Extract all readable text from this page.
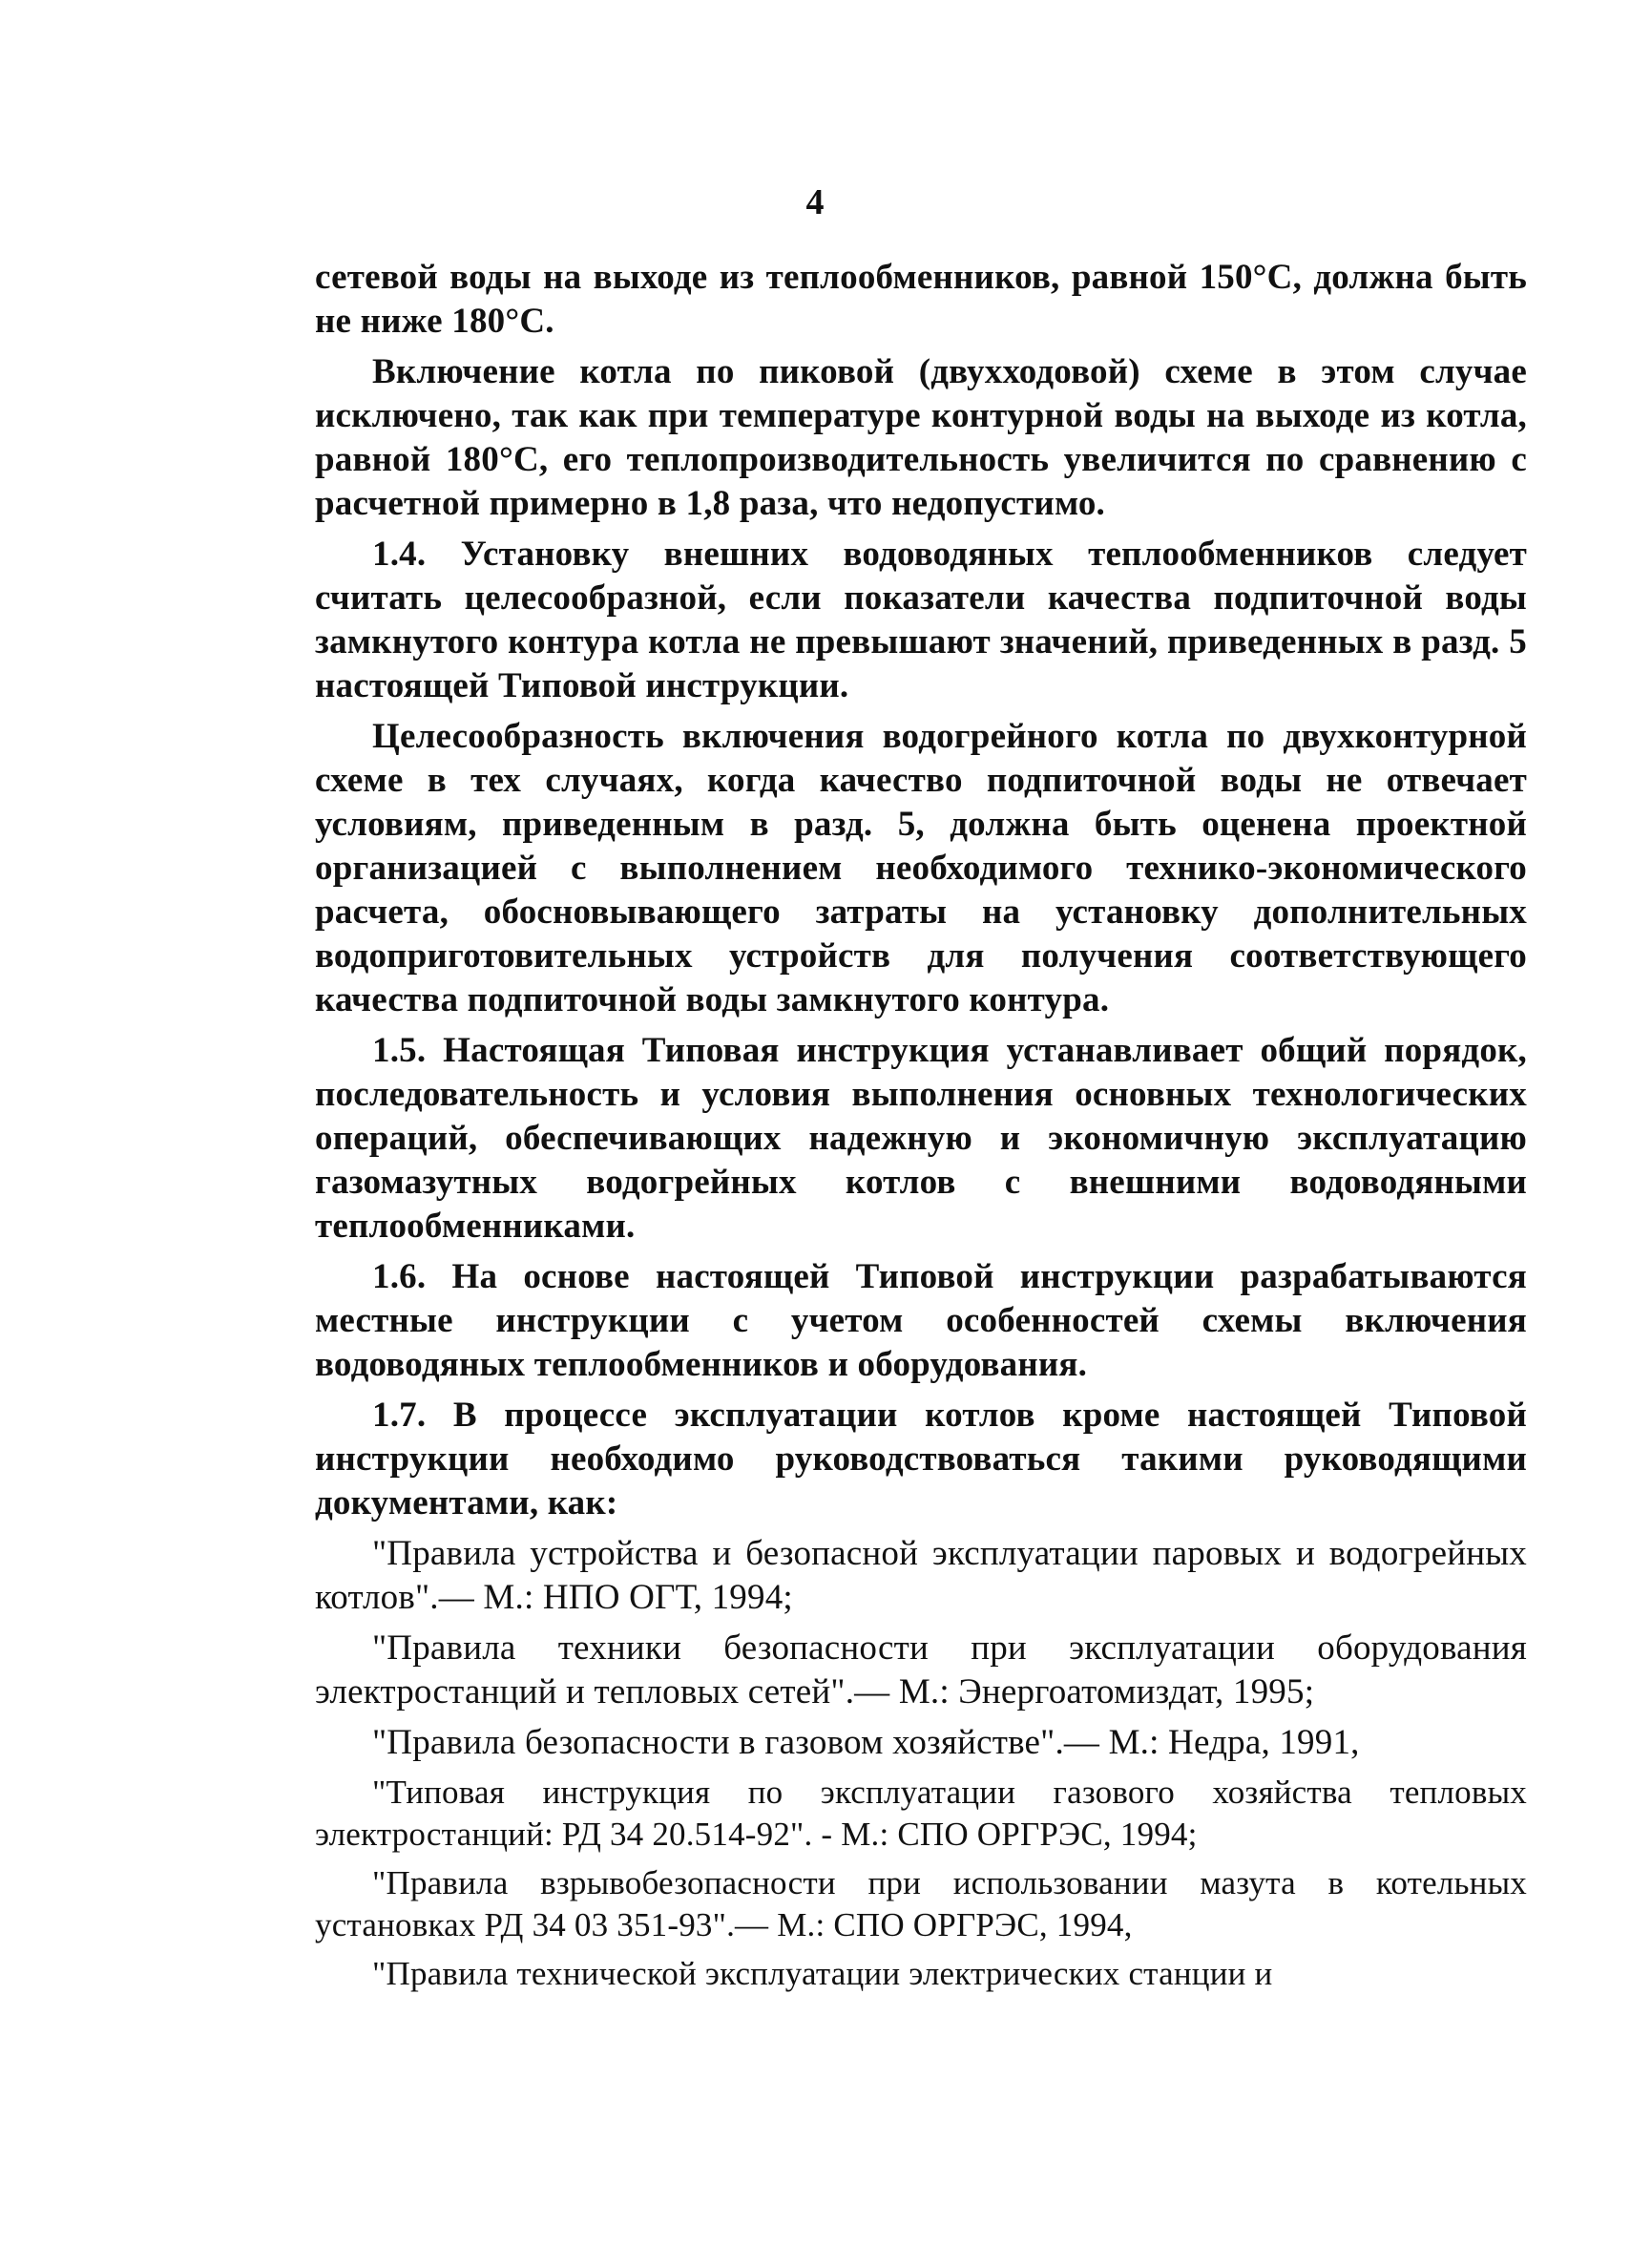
4

сетевой воды на выходе из теплообменников, равной 150°С, должна быть не ниже 180°С.

Включение котла по пиковой (двухходовой) схеме в этом случае исключено, так как при температуре контурной воды на выходе из котла, равной 180°С, его теплопроизводительность увеличится по сравнению с расчетной примерно в 1,8 раза, что недопустимо.

1.4. Установку внешних водоводяных теплообменников следует считать целесообразной, если показатели качества подпиточной воды замкнутого контура котла не превышают значений, приведенных в разд. 5 настоящей Типовой инструкции.

Целесообразность включения водогрейного котла по двухконтурной схеме в тех случаях, когда качество подпиточной воды не отвечает условиям, приведенным в разд. 5, должна быть оценена проектной организацией с выполнением необходимого технико-экономического расчета, обосновывающего затраты на установку дополнительных водоприготовительных устройств для получения соответствующего качества подпиточной воды замкнутого контура.

1.5. Настоящая Типовая инструкция устанавливает общий порядок, последовательность и условия выполнения основных технологических операций, обеспечивающих надежную и экономичную эксплуатацию газомазутных водогрейных котлов с внешними водоводяными теплообменниками.

1.6. На основе настоящей Типовой инструкции разрабатываются местные инструкции с учетом особенностей схемы включения водоводяных теплообменников и оборудования.

1.7. В процессе эксплуатации котлов кроме настоящей Типовой инструкции необходимо руководствоваться такими руководящими документами, как:

"Правила устройства и безопасной эксплуатации паровых и водогрейных котлов".— М.: НПО ОГТ, 1994;

"Правила техники безопасности при эксплуатации оборудования электростанций и тепловых сетей".— М.: Энергоатомиздат, 1995;

"Правила безопасности в газовом хозяйстве".— М.: Недра, 1991,

"Типовая инструкция по эксплуатации газового хозяйства тепловых электростанций: РД 34 20.514-92". - М.: СПО ОРГРЭС, 1994;

"Правила взрывобезопасности при использовании мазута в котельных установках РД 34 03 351-93".— М.: СПО ОРГРЭС, 1994,

"Правила технической эксплуатации электрических станции и
